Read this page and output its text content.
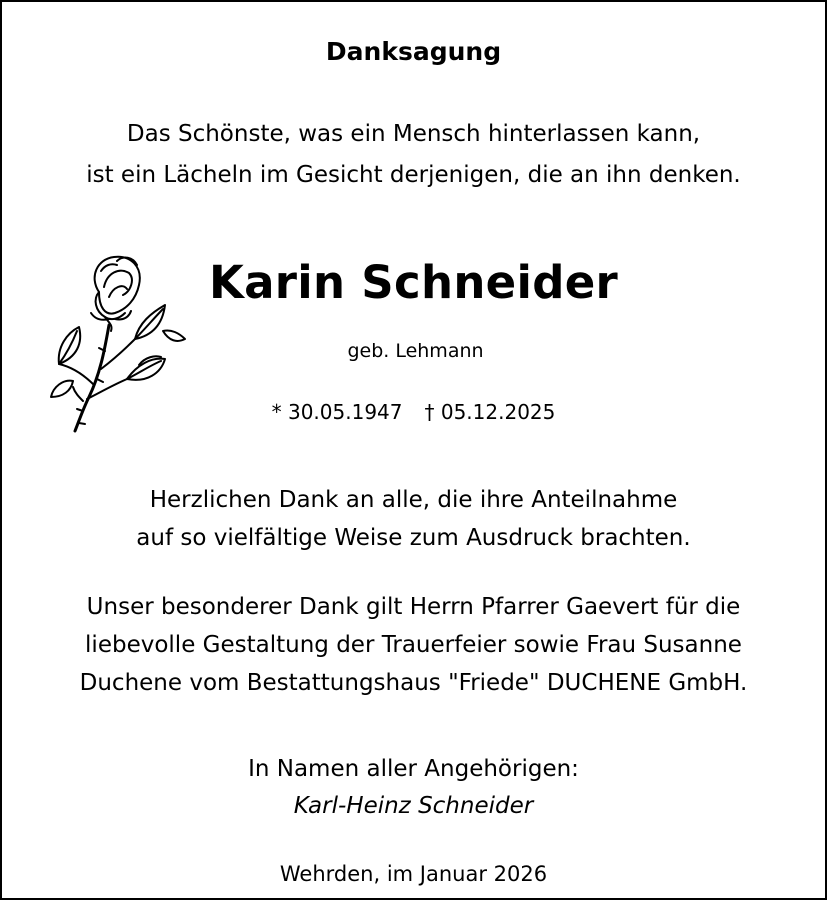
Danksagung
Das Schönste, was ein Mensch hinterlassen kann,
ist ein Lächeln im Gesicht derjenigen, die an ihn denken.
Karin Schneider
geb. Lehmann
* 30.05.1947 † 05.12.2025
Herzlichen Dank an alle, die ihre Anteilnahme
auf so vielfältige Weise zum Ausdruck brachten.
Unser besonderer Dank gilt Herrn Pfarrer Gaevert für die
liebevolle Gestaltung der Trauerfeier sowie Frau Susanne
Duchene vom Bestattungshaus "Friede" DUCHENE GmbH.
In Namen aller Angehörigen:
Karl-Heinz Schneider
Wehrden, im Januar 2026
